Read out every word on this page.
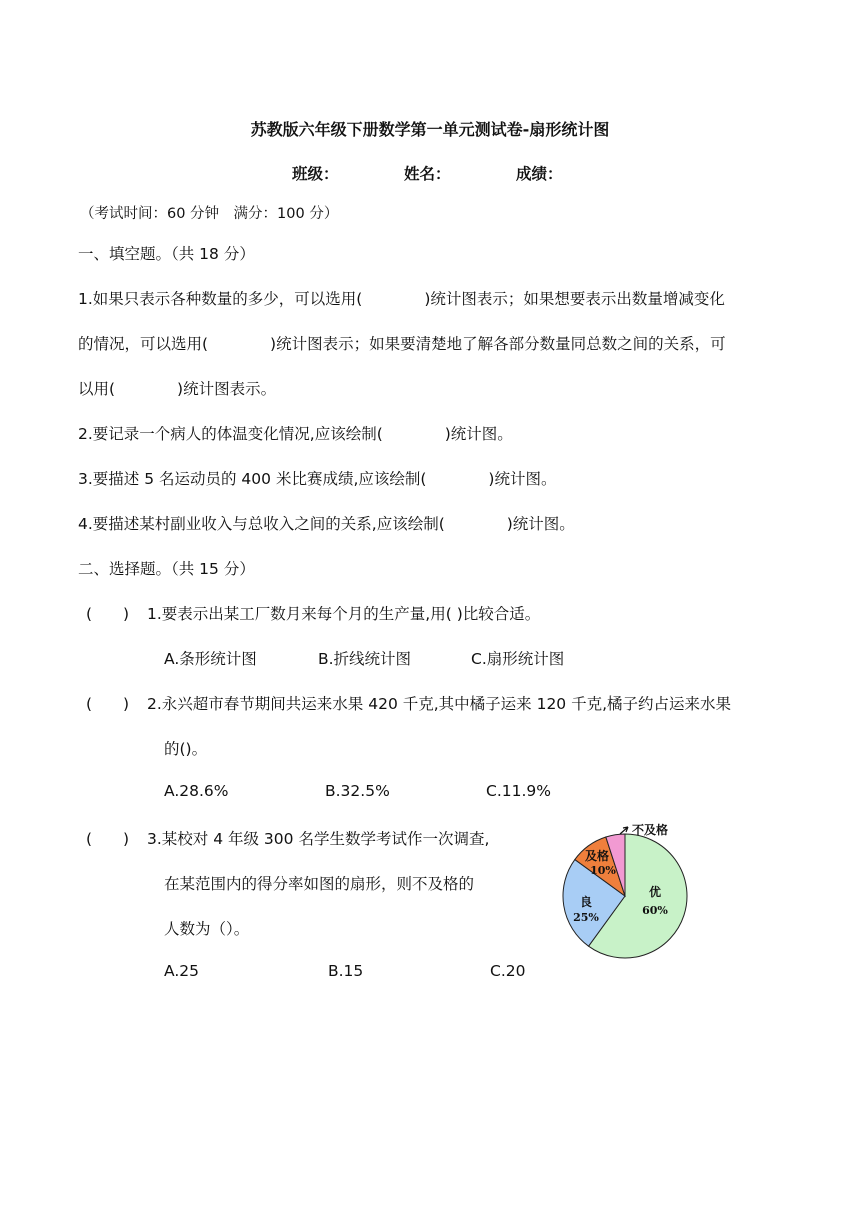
苏教版六年级下册数学第一单元测试卷-扇形统计图
班级：	姓名：	成绩：
（考试时间：60 分钟　满分：100 分）
一、填空题。（共 18 分）
1.如果只表示各种数量的多少，可以选用(　　　　)统计图表示；如果想要表示出数量增减变化
的情况，可以选用(　　　　)统计图表示；如果要清楚地了解各部分数量同总数之间的关系，可
以用(　　　　)统计图表示。
2.要记录一个病人的体温变化情况,应该绘制(　　　　)统计图。
3.要描述 5 名运动员的 400 米比赛成绩,应该绘制(　　　　)统计图。
4.要描述某村副业收入与总收入之间的关系,应该绘制(　　　　)统计图。
二、选择题。（共 15 分）
(　　) 1.要表示出某工厂数月来每个月的生产量,用( )比较合适。
A.条形统计图	B.折线统计图	C.扇形统计图
(　　) 2.永兴超市春节期间共运来水果 420 千克,其中橘子运来 120 千克,橘子约占运来水果
的()。
A.28.6%	B.32.5%	C.11.9%
(　　) 3.某校对 4 年级 300 名学生数学考试作一次调查,
在某范围内的得分率如图的扇形，则不及格的
人数为（）。
A.25	B.15	C.20
优
60%
良
25%
及格
10%
不及格
